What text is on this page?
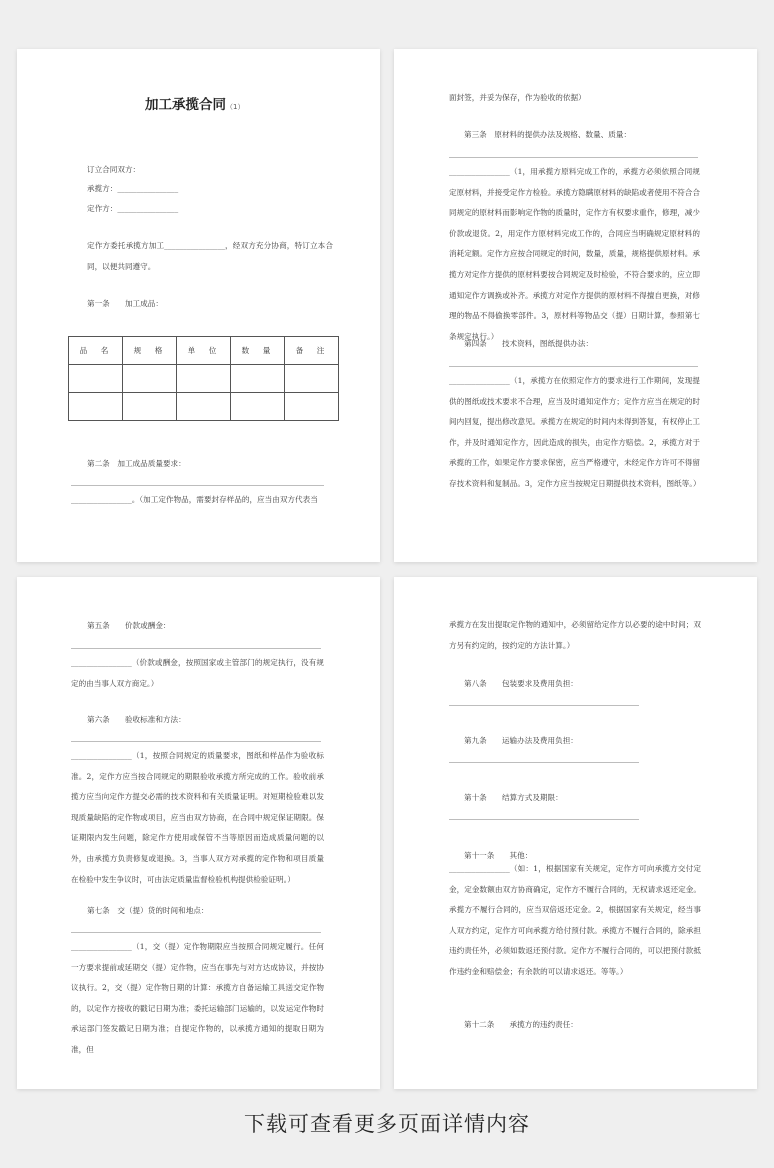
加工承揽合同（1）
订立合同双方：
承揽方：________________
定作方：________________
定作方委托承揽方加工________________，经双方充分协商，特订立本合同，以便共同遵守。
第一条　　加工成品：
品　名	规　格	单　位	数　量	备　注

第二条　加工成品质量要求：
________________。（加工定作物品，需要封存样品的，应当由双方代表当
面封签，并妥为保存，作为验收的依据）
第三条　原材料的提供办法及规格、数量、质量：
________________（1，用承揽方原料完成工作的，承揽方必须依照合同规定原材料，并接受定作方检验。承揽方隐瞒原材料的缺陷或者使用不符合合同规定的原材料而影响定作物的质量时，定作方有权要求重作，修理，减少价款或退货。2，用定作方原材料完成工作的，合同应当明确规定原材料的消耗定额。定作方应按合同规定的时间，数量，质量，规格提供原材料。承揽方对定作方提供的原材料要按合同规定及时检验，不符合要求的，应立即通知定作方调换或补齐。承揽方对定作方提供的原材料不得擅自更换，对修理的物品不得偷换零部件。3，原材料等物品交（提）日期计算，参照第七条规定执行。）
第四条　　技术资料，图纸提供办法：
________________（1，承揽方在依照定作方的要求进行工作期间，发现提供的图纸或技术要求不合理，应当及时通知定作方；定作方应当在规定的时间内回复，提出修改意见。承揽方在规定的时间内未得到答复，有权停止工作，并及时通知定作方，因此造成的损失，由定作方赔偿。2，承揽方对于承揽的工作，如果定作方要求保密，应当严格遵守，未经定作方许可不得留存技术资料和复制品。3，定作方应当按规定日期提供技术资料，图纸等。）
第五条　　价款或酬金：
________________（价款或酬金，按照国家或主管部门的规定执行，没有规定的由当事人双方商定。）
第六条　　验收标准和方法：
________________（1，按照合同规定的质量要求，图纸和样品作为验收标准。2，定作方应当按合同规定的期限验收承揽方所完成的工作。验收前承揽方应当向定作方提交必需的技术资料和有关质量证明。对短期检验难以发现质量缺陷的定作物或项目，应当由双方协商，在合同中规定保证期限。保证期限内发生问题，除定作方使用或保管不当等原因而造成质量问题的以外，由承揽方负责修复或退换。3，当事人双方对承揽的定作物和项目质量在检验中发生争议时，可由法定质量监督检验机构提供检验证明。）
第七条　交（提）货的时间和地点：
________________（1，交（提）定作物期限应当按照合同规定履行。任何一方要求提前或延期交（提）定作物，应当在事先与对方达成协议，并按协议执行。2，交（提）定作物日期的计算：承揽方自备运输工具送交定作物的，以定作方接收的戳记日期为准；委托运输部门运输的，以发运定作物时承运部门签发戳记日期为准；自提定作物的，以承揽方通知的提取日期为准，但
承揽方在发出提取定作物的通知中，必须留给定作方以必要的途中时间；双方另有约定的，按约定的方法计算。）
第八条　　包装要求及费用负担：
第九条　　运输办法及费用负担：
第十条　　结算方式及期限：
第十一条　　其他：
________________（如：1，根据国家有关规定，定作方可向承揽方交付定金，定金数额由双方协商确定，定作方不履行合同的，无权请求返还定金。承揽方不履行合同的，应当双倍返还定金。2，根据国家有关规定，经当事人双方约定，定作方可向承揽方给付预付款。承揽方不履行合同的，除承担违约责任外，必须如数返还预付款。定作方不履行合同的，可以把预付款抵作违约金和赔偿金；有余款的可以请求返还。等等。）
第十二条　　承揽方的违约责任：
下载可查看更多页面详情内容
